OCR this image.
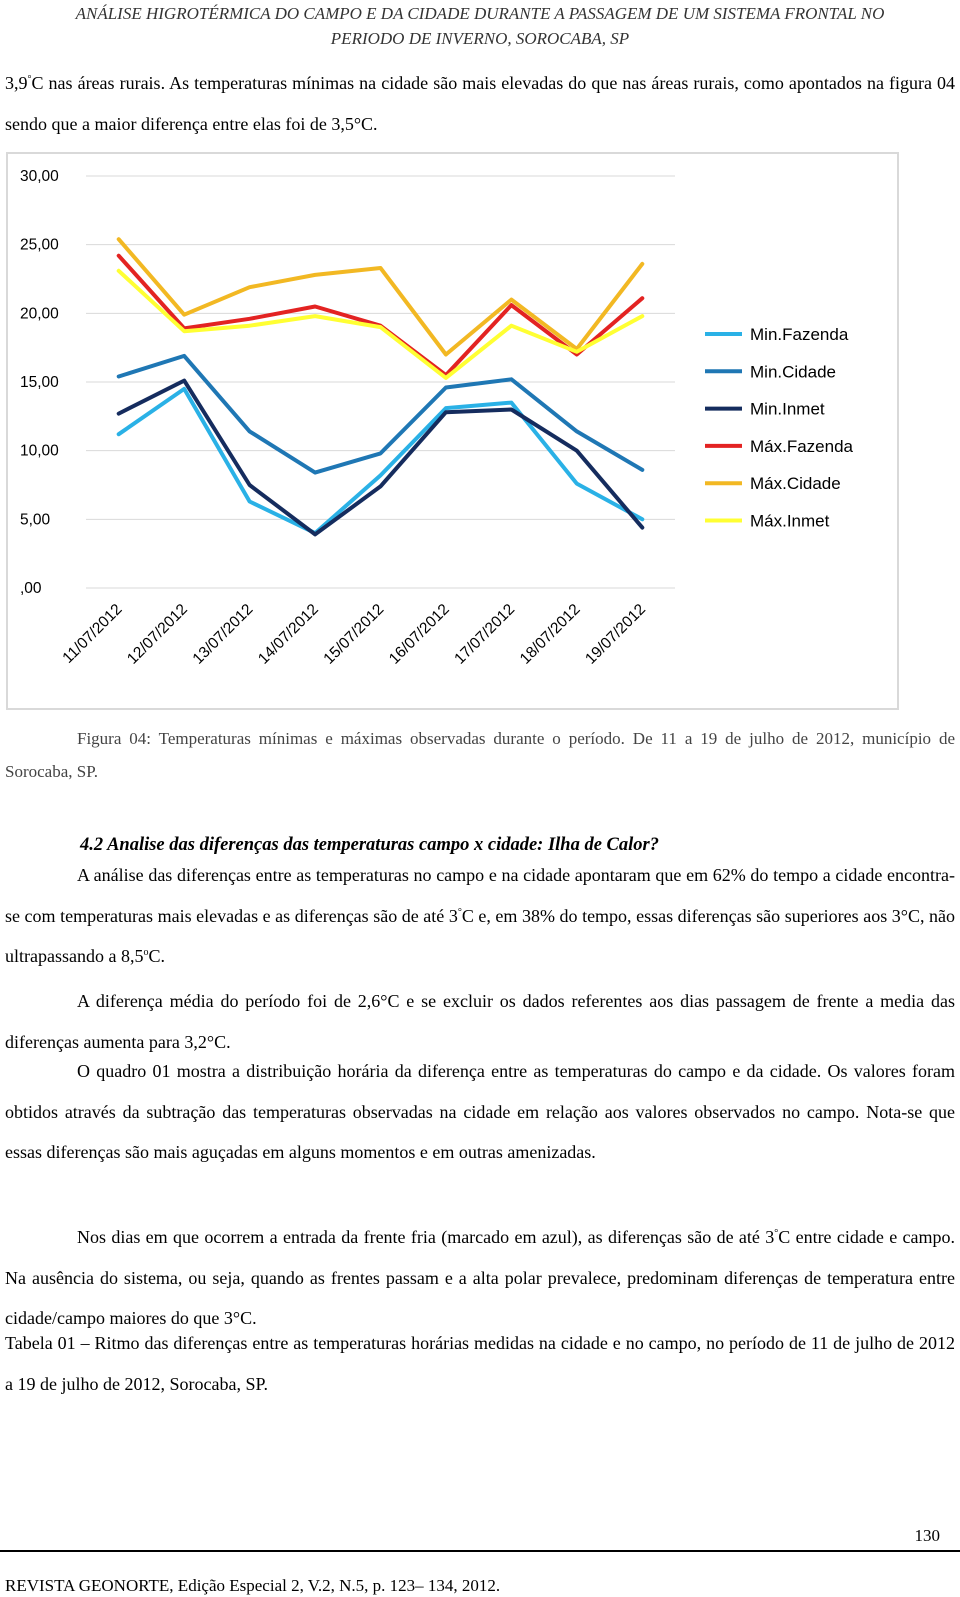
ANÁLISE HIGROTÉRMICA DO CAMPO E DA CIDADE DURANTE A PASSAGEM DE UM SISTEMA FRONTAL NO
PERIODO DE INVERNO, SOROCABA, SP

3,9°C nas áreas rurais. As temperaturas mínimas na cidade são mais elevadas do que nas áreas rurais, como apontados na figura 04 sendo que a maior diferença entre elas foi de 3,5°C.

30,00
25,00
20,00
15,00
10,00
5,00
,00
11/07/2012
12/07/2012
13/07/2012
14/07/2012
15/07/2012
16/07/2012
17/07/2012
18/07/2012
19/07/2012
Min.Fazenda
Min.Cidade
Min.Inmet
Máx.Fazenda
Máx.Cidade
Máx.Inmet

Figura 04: Temperaturas mínimas e máximas observadas durante o período. De 11 a 19 de julho de 2012, município de Sorocaba, SP.

4.2 Analise das diferenças das temperaturas campo x cidade: Ilha de Calor?

A análise das diferenças entre as temperaturas no campo e na cidade apontaram que em 62% do tempo a cidade encontra-se com temperaturas mais elevadas e as diferenças são de até 3°C e, em 38% do tempo, essas diferenças são superiores aos 3°C, não ultrapassando a 8,5$^o$C.

A diferença média do período foi de 2,6°C e se excluir os dados referentes aos dias passagem de frente a media das diferenças aumenta para 3,2°C.

O quadro 01 mostra a distribuição horária da diferença entre as temperaturas do campo e da cidade. Os valores foram obtidos através da subtração das temperaturas observadas na cidade em relação aos valores observados no campo. Nota-se que essas diferenças são mais aguçadas em alguns momentos e em outras amenizadas.

Nos dias em que ocorrem a entrada da frente fria (marcado em azul), as diferenças são de até 3°C entre cidade e campo. Na ausência do sistema, ou seja, quando as frentes passam e a alta polar prevalece, predominam diferenças de temperatura entre cidade/campo maiores do que 3°C.

Tabela 01 – Ritmo das diferenças entre as temperaturas horárias medidas na cidade e no campo, no período de 11 de julho de 2012 a 19 de julho de 2012, Sorocaba, SP.

130
REVISTA GEONORTE, Edição Especial 2, V.2, N.5, p. 123– 134, 2012.
